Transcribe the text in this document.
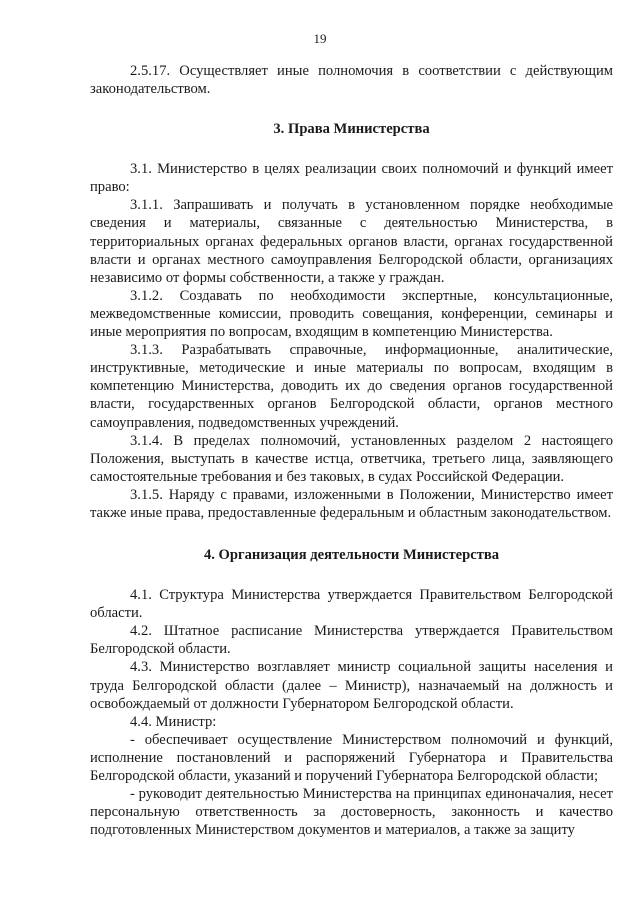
19

2.5.17. Осуществляет иные полномочия в соответствии с действующим законодательством.

3. Права Министерства

3.1. Министерство в целях реализации своих полномочий и функций имеет право:

3.1.1. Запрашивать и получать в установленном порядке необходимые сведения и материалы, связанные с деятельностью Министерства, в территориальных органах федеральных органов власти, органах государственной власти и органах местного самоуправления Белгородской области, организациях независимо от формы собственности, а также у граждан.

3.1.2. Создавать по необходимости экспертные, консультационные, межведомственные комиссии, проводить совещания, конференции, семинары и иные мероприятия по вопросам, входящим в компетенцию Министерства.

3.1.3. Разрабатывать справочные, информационные, аналитические, инструктивные, методические и иные материалы по вопросам, входящим в компетенцию Министерства, доводить их до сведения органов государственной власти, государственных органов Белгородской области, органов местного самоуправления, подведомственных учреждений.

3.1.4. В пределах полномочий, установленных разделом 2 настоящего Положения, выступать в качестве истца, ответчика, третьего лица, заявляющего самостоятельные требования и без таковых, в судах Российской Федерации.

3.1.5. Наряду с правами, изложенными в Положении, Министерство имеет также иные права, предоставленные федеральным и областным законодательством.

4. Организация деятельности Министерства

4.1. Структура Министерства утверждается Правительством Белгородской области.

4.2. Штатное расписание Министерства утверждается Правительством Белгородской области.

4.3. Министерство возглавляет министр социальной защиты населения и труда Белгородской области (далее – Министр), назначаемый на должность и освобождаемый от должности Губернатором Белгородской области.

4.4. Министр:

- обеспечивает осуществление Министерством полномочий и функций, исполнение постановлений и распоряжений Губернатора и Правительства Белгородской области, указаний и поручений Губернатора Белгородской области;

- руководит деятельностью Министерства на принципах единоначалия, несет персональную ответственность за достоверность, законность и качество подготовленных Министерством документов и материалов, а также за защиту
